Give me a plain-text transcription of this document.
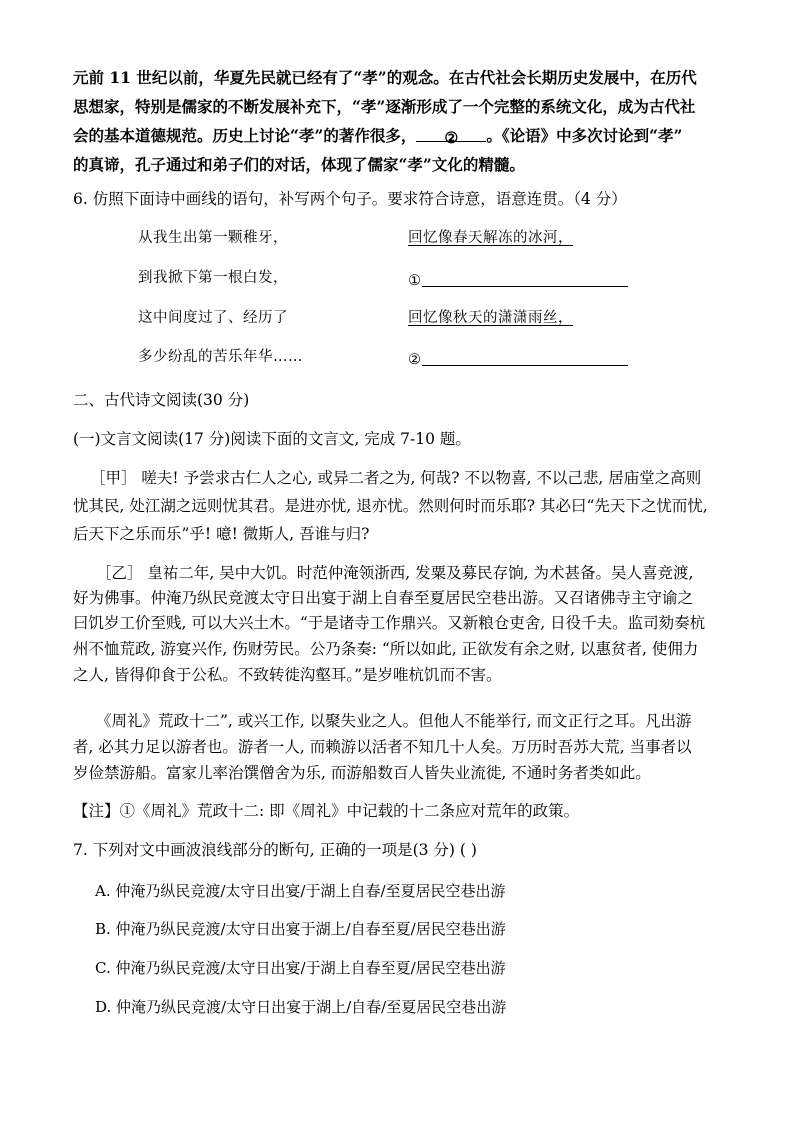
元前 11 世纪以前，华夏先民就已经有了“孝”的观念。在古代社会长期历史发展中，在历代
思想家，特别是儒家的不断发展补充下，“孝”逐渐形成了一个完整的系统文化，成为古代社
会的基本道德规范。历史上讨论“孝”的著作很多， ② 。《论语》中多次讨论到“孝”
的真谛，孔子通过和弟子们的对话，体现了儒家“孝”文化的精髓。
6. 仿照下面诗中画线的语句，补写两个句子。要求符合诗意，语意连贯。（4 分）
从我生出第一颗稚牙，	回忆像春天解冻的冰河，
到我掀下第一根白发，	①
这中间度过了、经历了	回忆像秋天的潇潇雨丝，
多少纷乱的苦乐年华……	②
二、古代诗文阅读(30 分)
(一)文言文阅读(17 分)阅读下面的文言文, 完成 7-10 题。
［甲］ 嗟夫! 予尝求古仁人之心, 或异二者之为, 何哉? 不以物喜, 不以己悲, 居庙堂之高则
忧其民, 处江湖之远则忧其君。是进亦忧, 退亦忧。然则何时而乐耶? 其必曰“先天下之忧而忧,
后天下之乐而乐”乎! 噫! 微斯人, 吾谁与归?
［乙］ 皇祐二年, 吴中大饥。时范仲淹领浙西, 发粟及募民存饷, 为术甚备。吴人喜竞渡,
好为佛事。仲淹乃纵民竞渡太守日出宴于湖上自春至夏居民空巷出游。又召诸佛寺主守谕之
曰饥岁工价至贱, 可以大兴土木。“于是诸寺工作鼎兴。又新粮仓吏舍, 日役千夫。监司劾奏杭
州不恤荒政, 游宴兴作, 伤财劳民。公乃条奏: “所以如此, 正欲发有余之财, 以惠贫者, 使佣力
之人, 皆得仰食于公私。不致转徙沟壑耳。”是岁唯杭饥而不害。
《周礼》荒政十二”, 或兴工作, 以聚失业之人。但他人不能举行, 而文正行之耳。凡出游
者, 必其力足以游者也。游者一人, 而赖游以活者不知几十人矣。万历时吾苏大荒, 当事者以
岁俭禁游船。富家儿率治馔僧舍为乐, 而游船数百人皆失业流徙, 不通时务者类如此。
【注】①《周礼》荒政十二: 即《周礼》中记载的十二条应对荒年的政策。
7. 下列对文中画波浪线部分的断句, 正确的一项是(3 分) ( )
A. 仲淹乃纵民竞渡/太守日出宴/于湖上自春/至夏居民空巷出游
B. 仲淹乃纵民竞渡/太守日出宴于湖上/自春至夏/居民空巷出游
C. 仲淹乃纵民竞渡/太守日出宴/于湖上自春至夏/居民空巷出游
D. 仲淹乃纵民竞渡/太守日出宴于湖上/自春/至夏居民空巷出游
